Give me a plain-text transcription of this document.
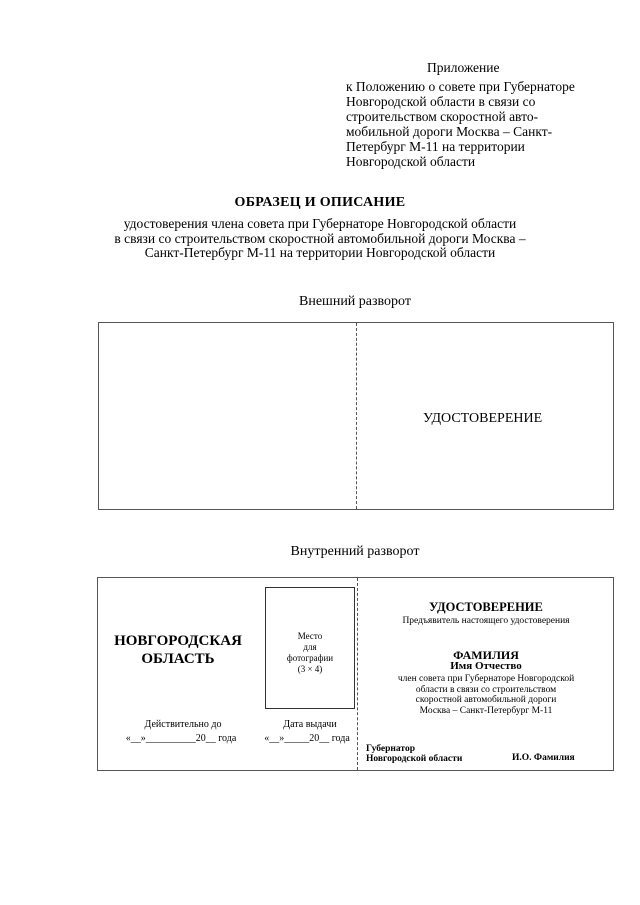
Приложение
к Положению о совете при Губернаторе
Новгородской области в связи со
строительством скоростной авто-
мобильной дороги Москва – Санкт-
Петербург М-11 на территории
Новгородской области
ОБРАЗЕЦ И ОПИСАНИЕ
удостоверения члена совета при Губернаторе Новгородской области
в связи со строительством скоростной автомобильной дороги Москва –
Санкт-Петербург М-11 на территории Новгородской области
Внешний разворот
УДОСТОВЕРЕНИЕ
Внутренний разворот
НОВГОРОДСКАЯ
ОБЛАСТЬ
Место
для
фотографии
(3 × 4)
Действительно до
«__»__________20__ года
Дата выдачи
«__»_____20__ года
УДОСТОВЕРЕНИЕ
Предъявитель настоящего удостоверения
ФАМИЛИЯ
Имя Отчество
член совета при Губернаторе Новгородской
области в связи со строительством
скоростной автомобильной дороги
Москва – Санкт-Петербург М-11
Губернатор
Новгородской области	И.О. Фамилия
